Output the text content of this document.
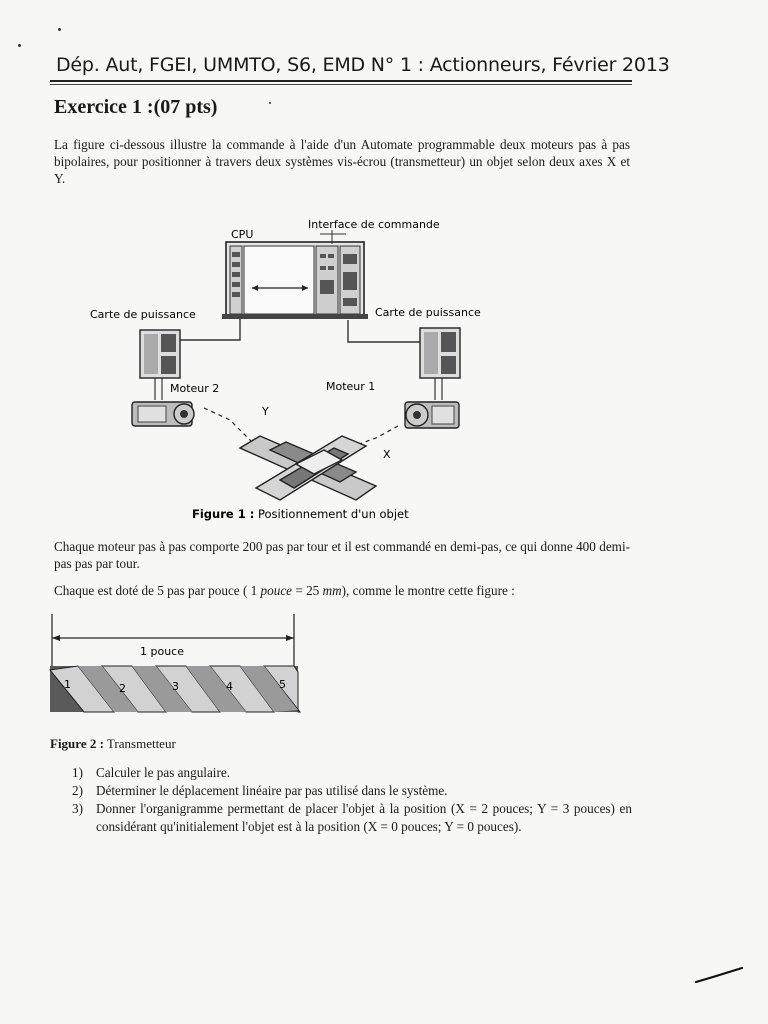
Dép. Aut, FGEI, UMMTO, S6, EMD N° 1 : Actionneurs, Février 2013
Exercice 1 :(07 pts)
La figure ci-dessous illustre la commande à l'aide d'un Automate programmable deux moteurs pas à pas bipolaires, pour positionner à travers deux systèmes vis-écrou (transmetteur) un objet selon deux axes X et Y.
CPU
Interface de commande
Carte de puissance	Carte de puissance
Moteur 2	Moteur 1
Y
X
Figure 1 : Positionnement d'un objet
Chaque moteur pas à pas comporte 200 pas par tour et il est commandé en demi-pas, ce qui donne 400 demi-pas pas par tour.
Chaque est doté de 5 pas par pouce ( 1 pouce = 25 mm), comme le montre cette figure :
1 pouce
1	2	3	4	5
Figure 2 : Transmetteur
1) Calculer le pas angulaire.
2) Déterminer le déplacement linéaire par pas utilisé dans le système.
3) Donner l'organigramme permettant de placer l'objet à la position (X = 2 pouces; Y = 3 pouces) en considérant qu'initialement l'objet est à la position (X = 0 pouces; Y = 0 pouces).
